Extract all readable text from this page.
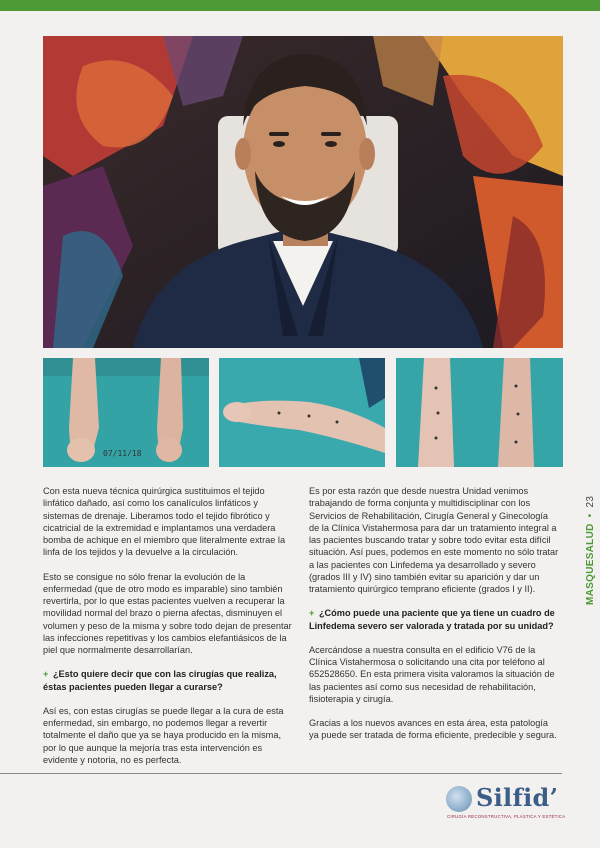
07/11/18

Con esta nueva técnica quirúrgica sustituimos el tejido linfático dañado, así como los canalículos linfáticos y sistemas de drenaje. Liberamos todo el tejido fibrótico y cicatricial de la extremidad e implantamos una verdadera bomba de achique en el miembro que literalmente extrae la linfa de los tejidos y la devuelve a la circulación.

Esto se consigue no sólo frenar la evolución de la enfermedad (que de otro modo es imparable) sino también revertirla, por lo que estas pacientes vuelven a recuperar la movilidad normal del brazo o pierna afectas, disminuyen el volumen y peso de la misma y sobre todo dejan de presentar las infecciones repetitivas y los cambios elefantiásicos de la piel que normalmente desarrollarían.

+ ¿Esto quiere decir que con las cirugías que realiza, éstas pacientes pueden llegar a curarse?

Así es, con estas cirugías se puede llegar a la cura de esta enfermedad, sin embargo, no podemos llegar a revertir totalmente el daño que ya se haya producido en la misma, por lo que aunque la mejoría tras esta intervención es evidente y notoria, no es perfecta.

Es por esta razón que desde nuestra Unidad venimos trabajando de forma conjunta y multidisciplinar con los Servicios de Rehabilitación, Cirugía General y Ginecología de la Clínica Vistahermosa para dar un tratamiento integral a las pacientes buscando tratar y sobre todo evitar esta difícil situación. Así pues, podemos en este momento no sólo tratar a las pacientes con Linfedema ya desarrollado y severo (grados III y IV) sino también evitar su aparición y dar un tratamiento quirúrgico temprano eficiente (grados I y II).

+ ¿Cómo puede una paciente que ya tiene un cuadro de Linfedema severo ser valorada y tratada por su unidad?

Acercándose a nuestra consulta en el edificio V76 de la Clínica Vistahermosa o solicitando una cita por teléfono al 652528650. En esta primera visita valoramos la situación de las pacientes así como sus necesidad de rehabilitación, fisioterapia y cirugía.

Gracias a los nuevos avances en esta área, esta patología ya puede ser tratada de forma eficiente, predecible y segura.

MASQUESALUD•23
Silfid’
CIRUGÍA RECONSTRUCTIVA, PLÁSTICA Y ESTÉTICA
